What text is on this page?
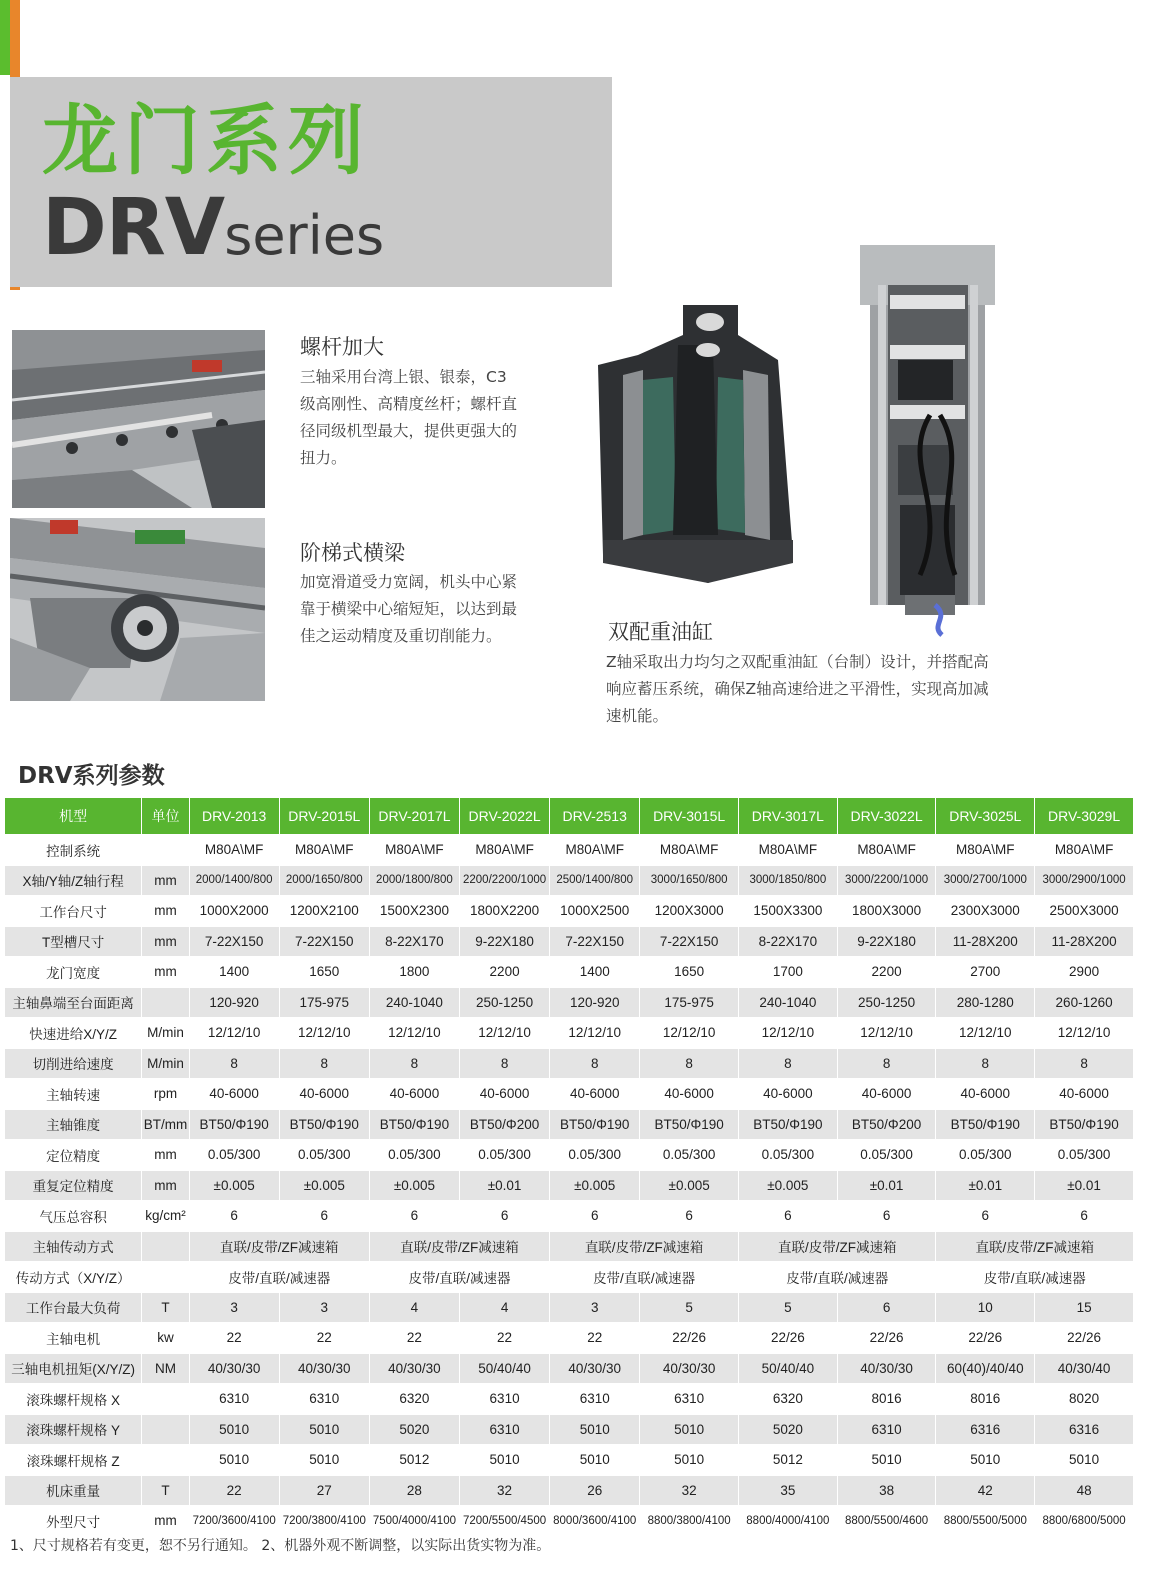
龙门系列
DRVseries
螺杆加大
三轴采用台湾上银、银泰，C3级高刚性、高精度丝杆；螺杆直径同级机型最大，提供更强大的扭力。
阶梯式横梁
加宽滑道受力宽阔，机头中心紧靠于横梁中心缩短矩，以达到最佳之运动精度及重切削能力。	双配重油缸
Z轴采取出力均匀之双配重油缸（台制）设计，并搭配高响应蓄压系统，确保Z轴高速给进之平滑性，实现高加减速机能。
DRV系列参数
机型	单位	DRV-2013	DRV-2015L	DRV-2017L	DRV-2022L	DRV-2513	DRV-3015L	DRV-3017L	DRV-3022L	DRV-3025L	DRV-3029L
控制系统		M80A\MF	M80A\MF	M80A\MF	M80A\MF	M80A\MF	M80A\MF	M80A\MF	M80A\MF	M80A\MF	M80A\MF
X轴/Y轴/Z轴行程	mm	2000/1400/800	2000/1650/800	2000/1800/800	2200/2200/1000	2500/1400/800	3000/1650/800	3000/1850/800	3000/2200/1000	3000/2700/1000	3000/2900/1000
工作台尺寸	mm	1000X2000	1200X2100	1500X2300	1800X2200	1000X2500	1200X3000	1500X3300	1800X3000	2300X3000	2500X3000
T型槽尺寸	mm	7-22X150	7-22X150	8-22X170	9-22X180	7-22X150	7-22X150	8-22X170	9-22X180	11-28X200	11-28X200
龙门宽度	mm	1400	1650	1800	2200	1400	1650	1700	2200	2700	2900
主轴鼻端至台面距离		120-920	175-975	240-1040	250-1250	120-920	175-975	240-1040	250-1250	280-1280	260-1260
快速进给X/Y/Z	M/min	12/12/10	12/12/10	12/12/10	12/12/10	12/12/10	12/12/10	12/12/10	12/12/10	12/12/10	12/12/10
切削进给速度	M/min	8	8	8	8	8	8	8	8	8	8
主轴转速	rpm	40-6000	40-6000	40-6000	40-6000	40-6000	40-6000	40-6000	40-6000	40-6000	40-6000
主轴锥度	BT/mm	BT50/Φ190	BT50/Φ190	BT50/Φ190	BT50/Φ200	BT50/Φ190	BT50/Φ190	BT50/Φ190	BT50/Φ200	BT50/Φ190	BT50/Φ190
定位精度	mm	0.05/300	0.05/300	0.05/300	0.05/300	0.05/300	0.05/300	0.05/300	0.05/300	0.05/300	0.05/300
重复定位精度	mm	±0.005	±0.005	±0.005	±0.01	±0.005	±0.005	±0.005	±0.01	±0.01	±0.01
气压总容积	kg/cm²	6	6	6	6	6	6	6	6	6	6
主轴传动方式		直联/皮带/ZF减速箱		直联/皮带/ZF减速箱		直联/皮带/ZF减速箱		直联/皮带/ZF减速箱		直联/皮带/ZF减速箱	
传动方式（X/Y/Z）		皮带/直联/减速器		皮带/直联/减速器		皮带/直联/减速器		皮带/直联/减速器		皮带/直联/减速器	
工作台最大负荷	T	3	3	4	4	3	5	5	6	10	15
主轴电机	kw	22	22	22	22	22	22/26	22/26	22/26	22/26	22/26
三轴电机扭矩(X/Y/Z)	NM	40/30/30	40/30/30	40/30/30	50/40/40	40/30/30	40/30/30	50/40/40	40/30/30	60(40)/40/40	40/30/40
滚珠螺杆规格 X		6310	6310	6320	6310	6310	6310	6320	8016	8016	8020
滚珠螺杆规格 Y		5010	5010	5020	6310	5010	5010	5020	6310	6316	6316
滚珠螺杆规格 Z		5010	5010	5012	5010	5010	5010	5012	5010	5010	5010
机床重量	T	22	27	28	32	26	32	35	38	42	48
外型尺寸	mm	7200/3600/4100	7200/3800/4100	7500/4000/4100	7200/5500/4500	8000/3600/4100	8800/3800/4100	8800/4000/4100	8800/5500/4600	8800/5500/5000	8800/6800/5000
1、尺寸规格若有变更，恕不另行通知。 2、机器外观不断调整，以实际出货实物为准。
